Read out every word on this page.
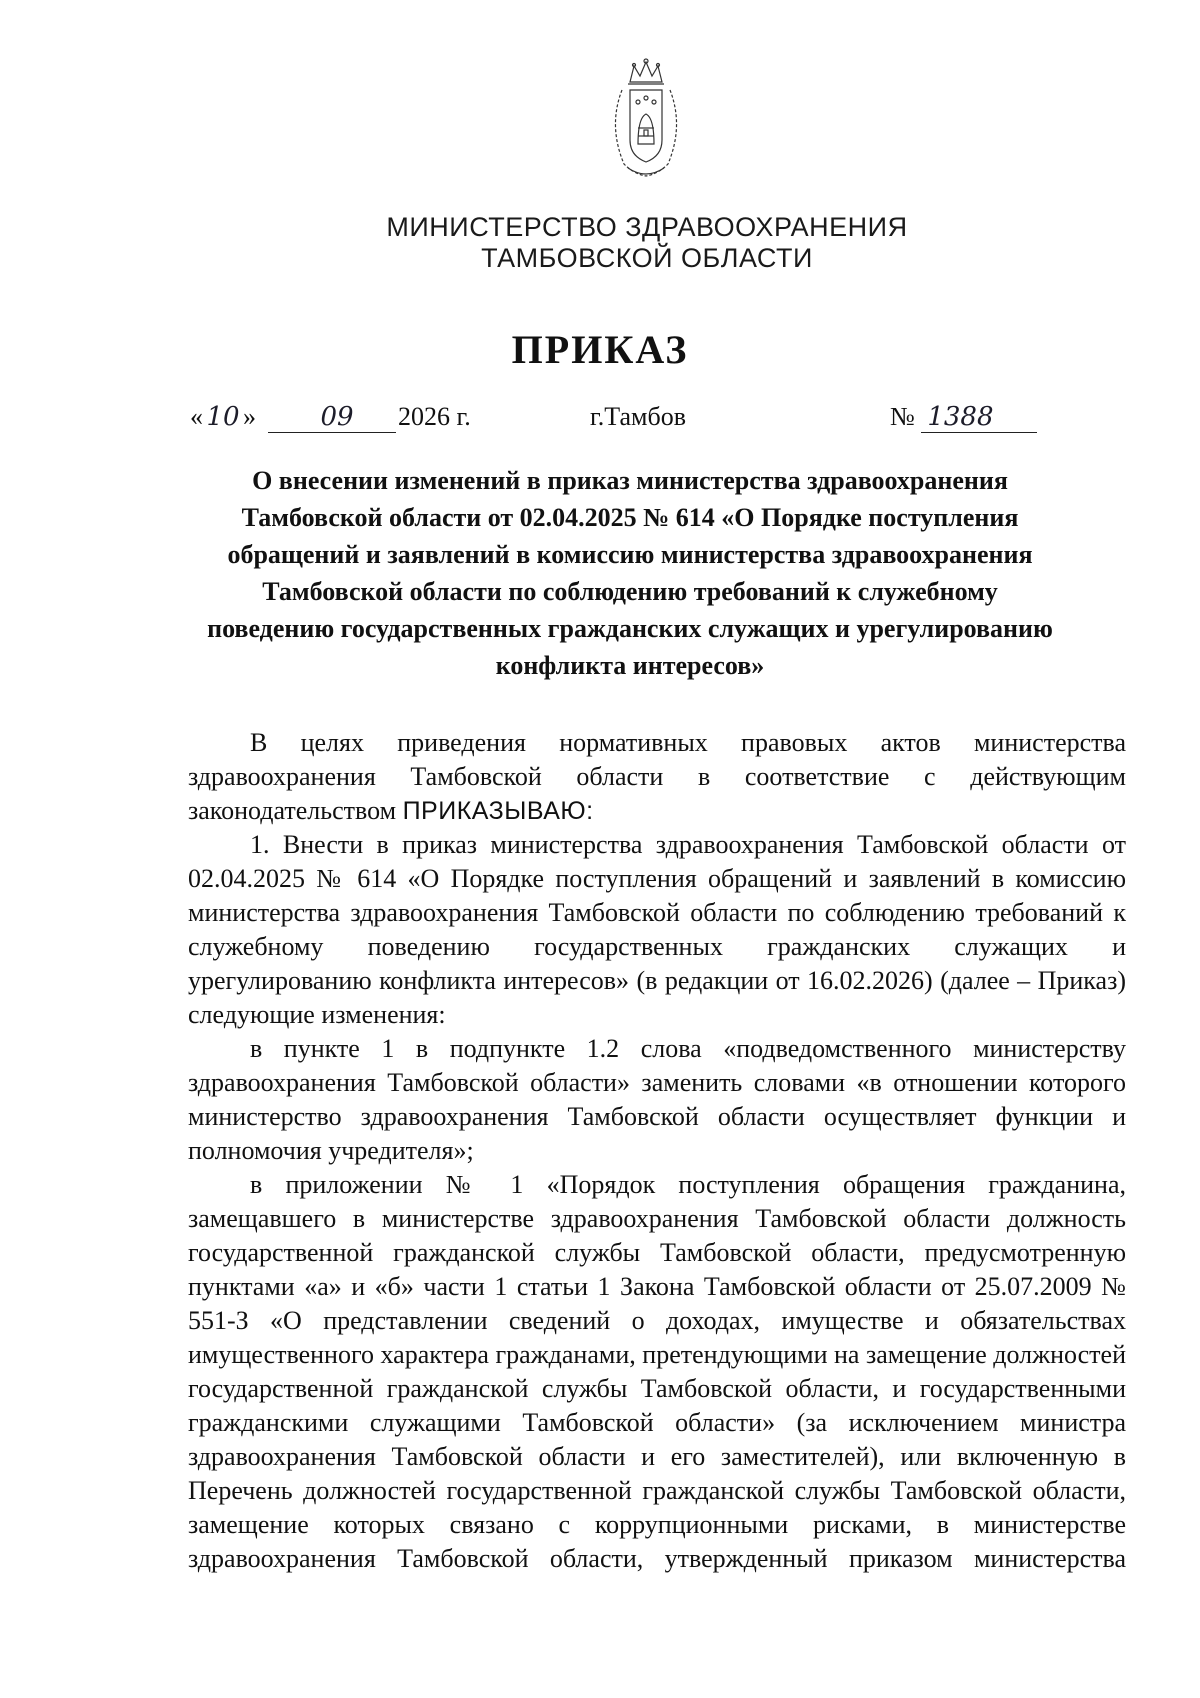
МИНИСТЕРСТВО ЗДРАВООХРАНЕНИЯ
ТАМБОВСКОЙ ОБЛАСТИ
ПРИКАЗ
« 10 »	09	2026 г.	г.Тамбов	№ 1388
О внесении изменений в приказ министерства здравоохранения
Тамбовской области от 02.04.2025 № 614 «О Порядке поступления
обращений и заявлений в комиссию министерства здравоохранения
Тамбовской области по соблюдению требований к служебному
поведению государственных гражданских служащих и урегулированию
конфликта интересов»

В целях приведения нормативных правовых актов министерства здравоохранения Тамбовской области в соответствие с действующим законодательством ПРИКАЗЫВАЮ:

1. Внести в приказ министерства здравоохранения Тамбовской области от 02.04.2025 № 614 «О Порядке поступления обращений и заявлений в комиссию министерства здравоохранения Тамбовской области по соблюдению требований к служебному поведению государственных гражданских служащих и урегулированию конфликта интересов» (в редакции от 16.02.2026) (далее – Приказ) следующие изменения:

в пункте 1 в подпункте 1.2 слова «подведомственного министерству здравоохранения Тамбовской области» заменить словами «в отношении которого министерство здравоохранения Тамбовской области осуществляет функции и полномочия учредителя»;

в приложении № 1 «Порядок поступления обращения гражданина, замещавшего в министерстве здравоохранения Тамбовской области должность государственной гражданской службы Тамбовской области, предусмотренную пунктами «а» и «б» части 1 статьи 1 Закона Тамбовской области от 25.07.2009 № 551-З «О представлении сведений о доходах, имуществе и обязательствах имущественного характера гражданами, претендующими на замещение должностей государственной гражданской службы Тамбовской области, и государственными гражданскими служащими Тамбовской области» (за исключением министра здравоохранения Тамбовской области и его заместителей), или включенную в Перечень должностей государственной гражданской службы Тамбовской области, замещение которых связано с коррупционными рисками, в министерстве здравоохранения Тамбовской области, утвержденный приказом министерства
